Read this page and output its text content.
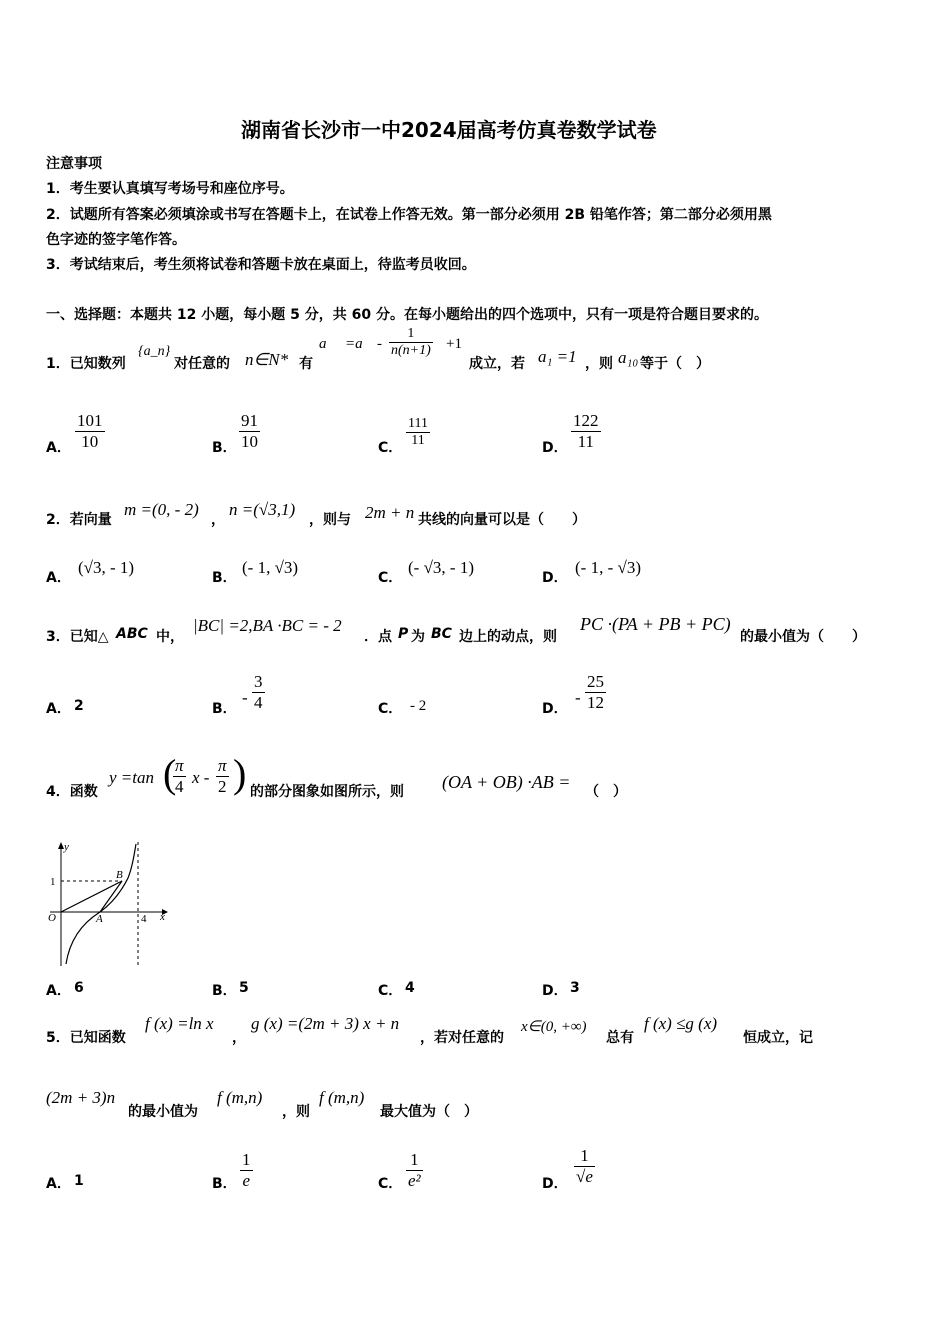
湖南省长沙市一中2024届高考仿真卷数学试卷
注意事项
1．考生要认真填写考场号和座位序号。
2．试题所有答案必须填涂或书写在答题卡上，在试卷上作答无效。第一部分必须用 2B 铅笔作答；第二部分必须用黑
色字迹的签字笔作答。
3．考试结束后，考生须将试卷和答题卡放在桌面上，待监考员收回。
一、选择题：本题共 12 小题，每小题 5 分，共 60 分。在每小题给出的四个选项中，只有一项是符合题目要求的。
1．已知数列
{a_n}
对任意的 n∈N* 有
$a =a - \frac{1}{n(n+1)} +1$
成立，若 a₁ =1 ，则 a₁₀ 等于（　）
A． $\frac{101}{10}$	B． $\frac{91}{10}$	C． $\frac{111}{11}$	D． $\frac{122}{11}$
2．若向量
m =(0, - 2)
，
n =(√3,1)
，则与 2m + n 共线的向量可以是（　　）
A．
(√3, - 1)
B．
(- 1, √3)
C．
(- √3, - 1)
D．
(- 1, - √3)
3．已知△ ABC 中，
|BC| =2,BA ·BC = - 2
．点 P 为 BC 边上的动点，则
PC ·(PA + PB + PC)
的最小值为（　　）
A． 2	B．
- $\frac{3}{4}$	C． - 2	D．
- $\frac{25}{12}$
4．函数
y =tan (
$\frac{\pi}{4}$ x - $\frac{\pi}{2}$ ) 的部分图象如图所示，则 (OA + OB) ·AB = （　）
y
x
O	A
B
1
4
A． 6	B． 5	C． 4	D． 3
5．已知函数
f (x) =ln x
，
g (x) =(2m + 3) x + n
，若对任意的
x∈(0, +∞)
总有
f (x) ≤g (x)
恒成立，记
(2m + 3)n
的最小值为
f (m,n)
，则
f (m,n)
最大值为（　）
A． 1	B． $\frac{1}{e}$	C． $\frac{1}{\text{e²}}$	D． $\frac{1}{√e}$
